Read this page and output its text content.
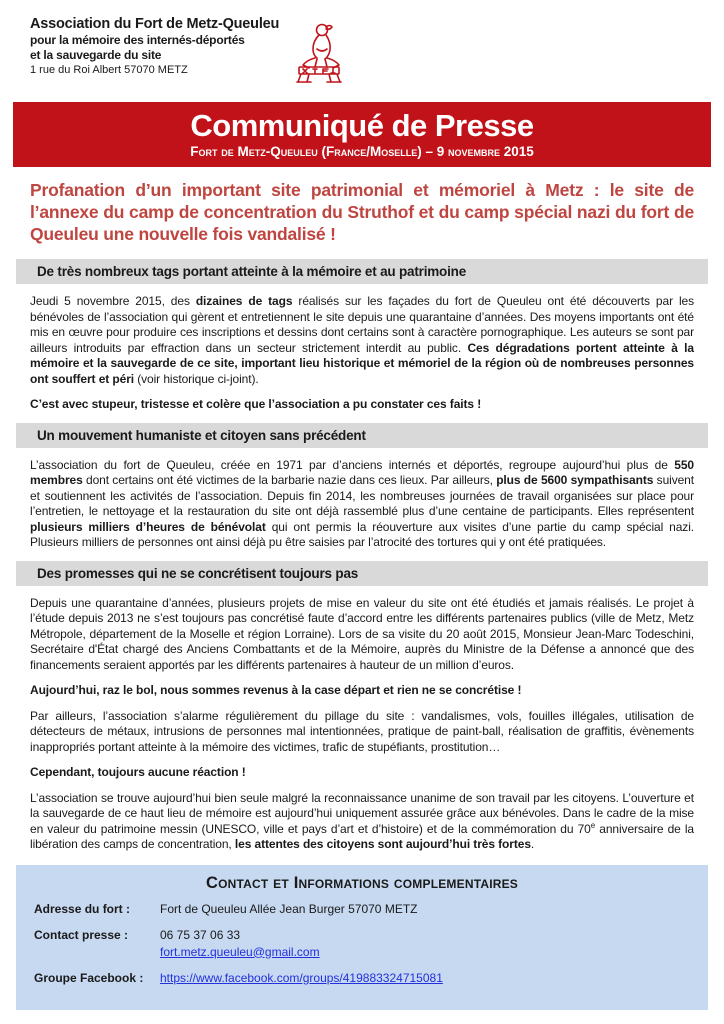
Association du Fort de Metz-Queuleu
pour la mémoire des internés-déportés
et la sauvegarde du site
1 rue du Roi Albert 57070 METZ
Communiqué de Presse
Fort de Metz-Queuleu (France/Moselle) – 9 novembre 2015
Profanation d’un important site patrimonial et mémoriel à Metz : le site de l’annexe du camp de concentration du Struthof et du camp spécial nazi du fort de Queuleu une nouvelle fois vandalisé !
De très nombreux tags portant atteinte à la mémoire et au patrimoine

Jeudi 5 novembre 2015, des dizaines de tags réalisés sur les façades du fort de Queuleu ont été découverts par les bénévoles de l’association qui gèrent et entretiennent le site depuis une quarantaine d’années. Des moyens importants ont été mis en œuvre pour produire ces inscriptions et dessins dont certains sont à caractère pornographique. Les auteurs se sont par ailleurs introduits par effraction dans un secteur strictement interdit au public. Ces dégradations portent atteinte à la mémoire et la sauvegarde de ce site, important lieu historique et mémoriel de la région où de nombreuses personnes ont souffert et péri (voir historique ci-joint).

C’est avec stupeur, tristesse et colère que l’association a pu constater ces faits !

Un mouvement humaniste et citoyen sans précédent

L’association du fort de Queuleu, créée en 1971 par d’anciens internés et déportés, regroupe aujourd’hui plus de 550 membres dont certains ont été victimes de la barbarie nazie dans ces lieux. Par ailleurs, plus de 5600 sympathisants suivent et soutiennent les activités de l’association. Depuis fin 2014, les nombreuses journées de travail organisées sur place pour l’entretien, le nettoyage et la restauration du site ont déjà rassemblé plus d’une centaine de participants. Elles représentent plusieurs milliers d’heures de bénévolat qui ont permis la réouverture aux visites d’une partie du camp spécial nazi. Plusieurs milliers de personnes ont ainsi déjà pu être saisies par l’atrocité des tortures qui y ont été pratiquées.

Des promesses qui ne se concrétisent toujours pas

Depuis une quarantaine d’années, plusieurs projets de mise en valeur du site ont été étudiés et jamais réalisés. Le projet à l’étude depuis 2013 ne s’est toujours pas concrétisé faute d’accord entre les différents partenaires publics (ville de Metz, Metz Métropole, département de la Moselle et région Lorraine). Lors de sa visite du 20 août 2015, Monsieur Jean-Marc Todeschini, Secrétaire d'État chargé des Anciens Combattants et de la Mémoire, auprès du Ministre de la Défense a annoncé que des financements seraient apportés par les différents partenaires à hauteur de un million d’euros.

Aujourd’hui, raz le bol, nous sommes revenus à la case départ et rien ne se concrétise !

Par ailleurs, l’association s’alarme régulièrement du pillage du site : vandalismes, vols, fouilles illégales, utilisation de détecteurs de métaux, intrusions de personnes mal intentionnées, pratique de paint-ball, réalisation de graffitis, évènements inappropriés portant atteinte à la mémoire des victimes, trafic de stupéfiants, prostitution…

Cependant, toujours aucune réaction !

L’association se trouve aujourd’hui bien seule malgré la reconnaissance unanime de son travail par les citoyens. L’ouverture et la sauvegarde de ce haut lieu de mémoire est aujourd’hui uniquement assurée grâce aux bénévoles. Dans le cadre de la mise en valeur du patrimoine messin (UNESCO, ville et pays d’art et d’histoire) et de la commémoration du 70e anniversaire de la libération des camps de concentration, les attentes des citoyens sont aujourd’hui très fortes.

Contact et Informations complementaires
Adresse du fort :	Fort de Queuleu Allée Jean Burger 57070 METZ
Contact presse :	06 75 37 06 33
fort.metz.queuleu@gmail.com
Groupe Facebook :	https://www.facebook.com/groups/419883324715081
